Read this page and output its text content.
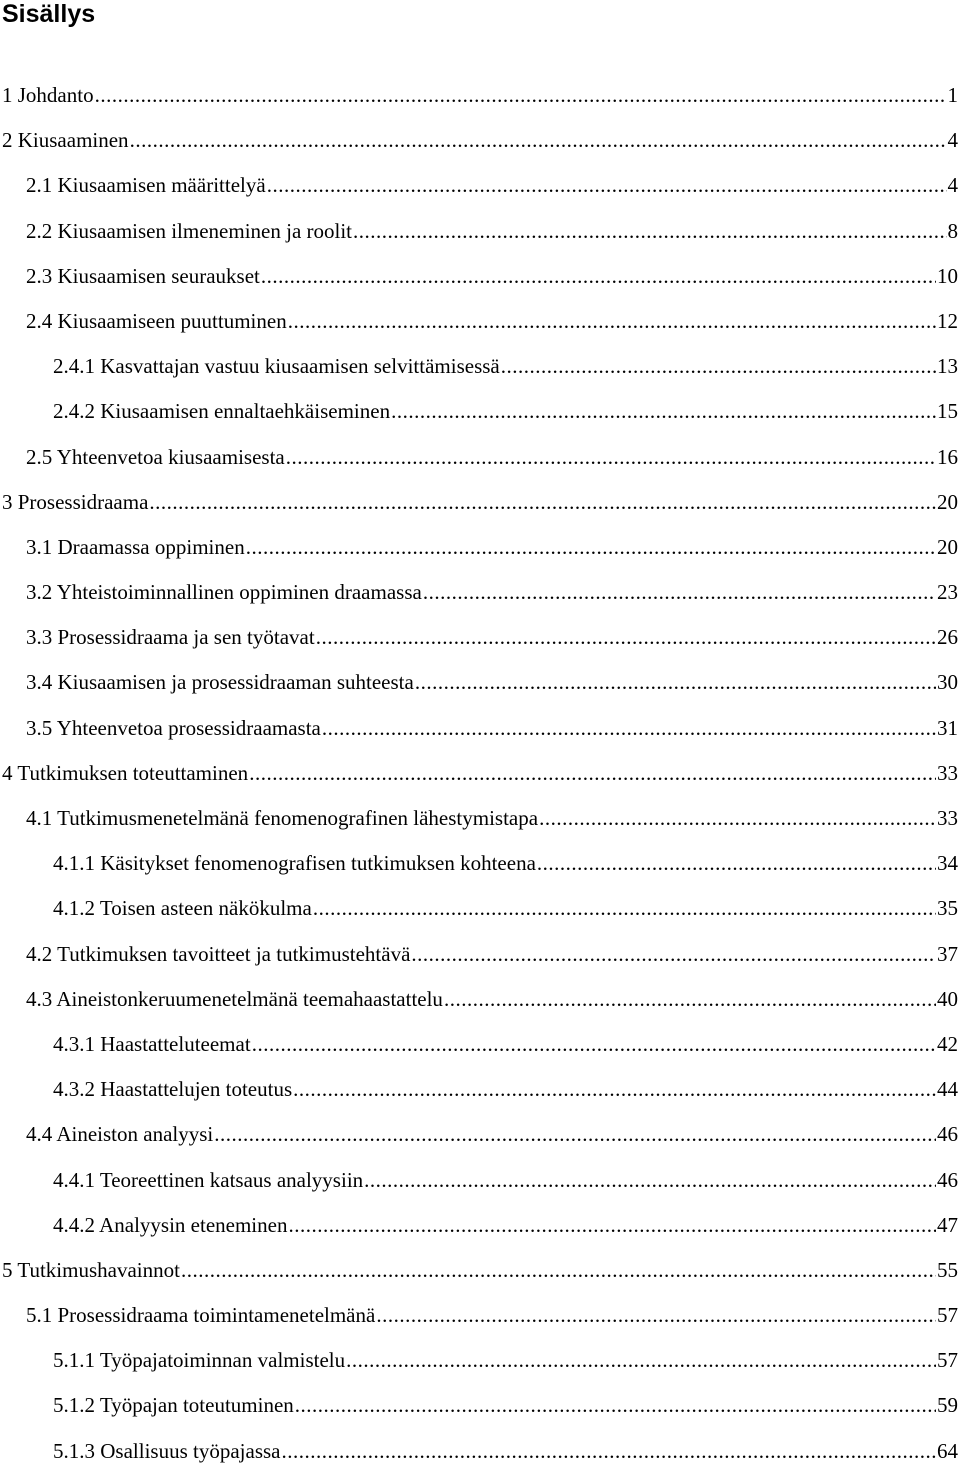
Sisällys
1 Johdanto .....	1
2 Kiusaaminen .....	4
2.1 Kiusaamisen määrittelyä .....	4
2.2 Kiusaamisen ilmeneminen ja roolit .....	8
2.3 Kiusaamisen seuraukset .....	10
2.4 Kiusaamiseen puuttuminen .....	12
2.4.1 Kasvattajan vastuu kiusaamisen selvittämisessä .....	13
2.4.2 Kiusaamisen ennaltaehkäiseminen .....	15
2.5 Yhteenvetoa kiusaamisesta .....	16
3 Prosessidraama .....	20
3.1 Draamassa oppiminen .....	20
3.2 Yhteistoiminnallinen oppiminen draamassa .....	23
3.3 Prosessidraama ja sen työtavat .....	26
3.4 Kiusaamisen ja prosessidraaman suhteesta .....	30
3.5 Yhteenvetoa prosessidraamasta .....	31
4 Tutkimuksen toteuttaminen .....	33
4.1 Tutkimusmenetelmänä fenomenografinen lähestymistapa .....	33
4.1.1 Käsitykset fenomenografisen tutkimuksen kohteena .....	34
4.1.2 Toisen asteen näkökulma .....	35
4.2 Tutkimuksen tavoitteet ja tutkimustehtävä .....	37
4.3 Aineistonkeruumenetelmänä teemahaastattelu .....	40
4.3.1 Haastatteluteemat .....	42
4.3.2 Haastattelujen toteutus .....	44
4.4 Aineiston analyysi .....	46
4.4.1 Teoreettinen katsaus analyysiin .....	46
4.4.2 Analyysin eteneminen .....	47
5 Tutkimushavainnot .....	55
5.1 Prosessidraama toimintamenetelmänä .....	57
5.1.1 Työpajatoiminnan valmistelu .....	57
5.1.2 Työpajan toteutuminen .....	59
5.1.3 Osallisuus työpajassa .....	64
